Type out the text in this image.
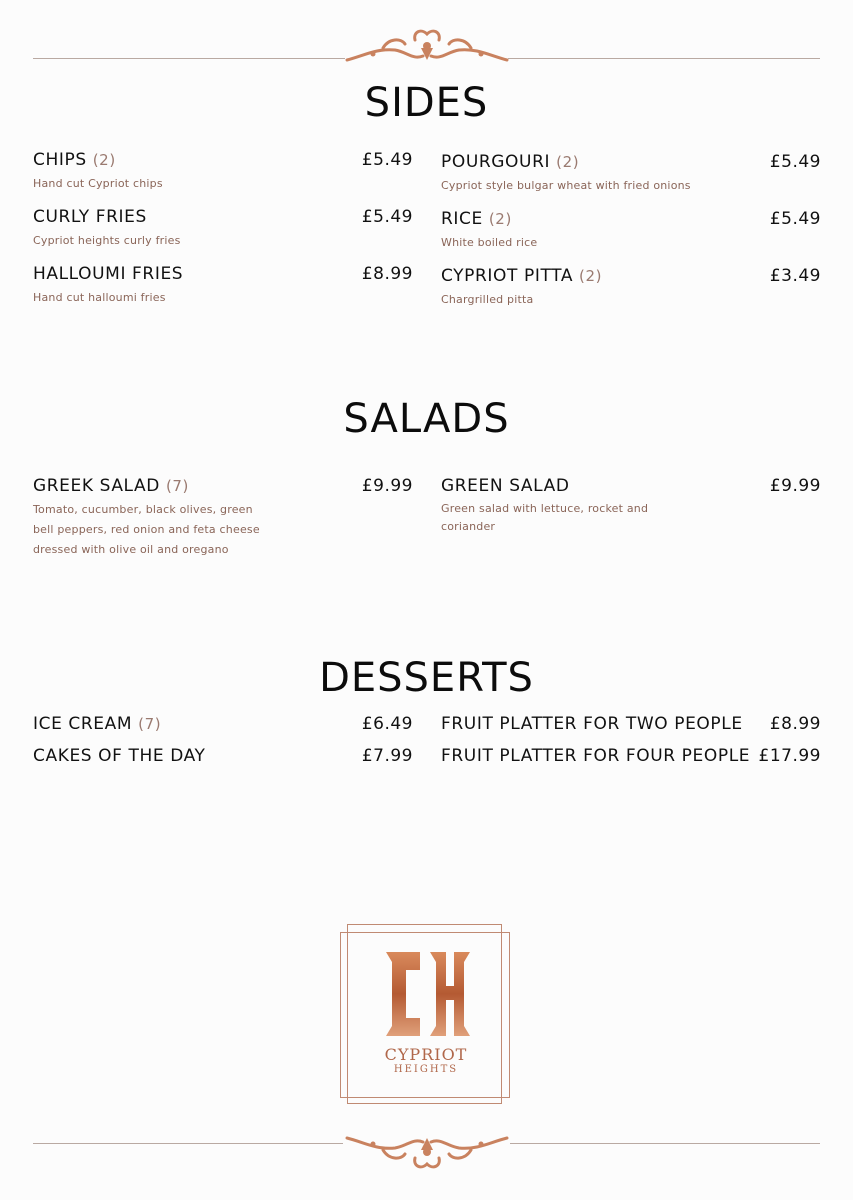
SIDES
CHIPS (2)	£5.49
Hand cut Cypriot chips
CURLY FRIES	£5.49
Cypriot heights curly fries
HALLOUMI FRIES	£8.99
Hand cut halloumi fries
POURGOURI (2)	£5.49
Cypriot style bulgar wheat with fried onions
RICE (2)	£5.49
White boiled rice
CYPRIOT PITTA (2)	£3.49
Chargrilled pitta
SALADS
GREEK SALAD (7)	£9.99
Tomato, cucumber, black olives, green
bell peppers, red onion and feta cheese
dressed with olive oil and oregano
GREEN SALAD	£9.99
Green salad with lettuce, rocket and
coriander
DESSERTS
ICE CREAM (7)	£6.49
CAKES OF THE DAY	£7.99
FRUIT PLATTER FOR TWO PEOPLE	£8.99
FRUIT PLATTER FOR FOUR PEOPLE £17.99
CYPRIOT
HEIGHTS
